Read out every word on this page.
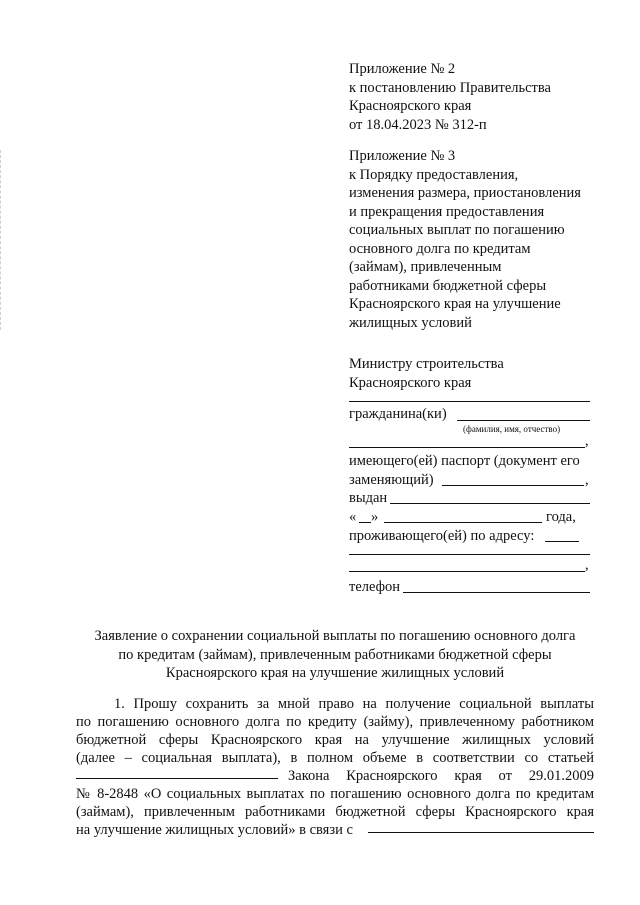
Приложение № 2
к постановлению Правительства
Красноярского края
от 18.04.2023 № 312-п
Приложение № 3
к Порядку предоставления,
изменения размера, приостановления
и прекращения предоставления
социальных выплат по погашению
основного долга по кредитам
(займам), привлеченным
работниками бюджетной сферы
Красноярского края на улучшение
жилищных условий
Министру строительства
Красноярского края
гражданина(ки)
(фамилия, имя, отчество)
,
имеющего(ей) паспорт (документ его
заменяющий)	,
выдан
« »	года,
проживающего(ей) по адресу:
,
телефон
Заявление о сохранении социальной выплаты по погашению основного долга
по кредитам (займам), привлеченным работниками бюджетной сферы
Красноярского края на улучшение жилищных условий
1. Прошу сохранить за мной право на получение социальной выплаты
по погашению основного долга по кредиту (займу), привлеченному работником
бюджетной сферы Красноярского края на улучшение жилищных условий
(далее – социальная выплата), в полном объеме в соответствии со статьей
Закона Красноярского края от 29.01.2009
№ 8-2848 «О социальных выплатах по погашению основного долга по кредитам
(займам), привлеченным работниками бюджетной сферы Красноярского края
на улучшение жилищных условий» в связи с
